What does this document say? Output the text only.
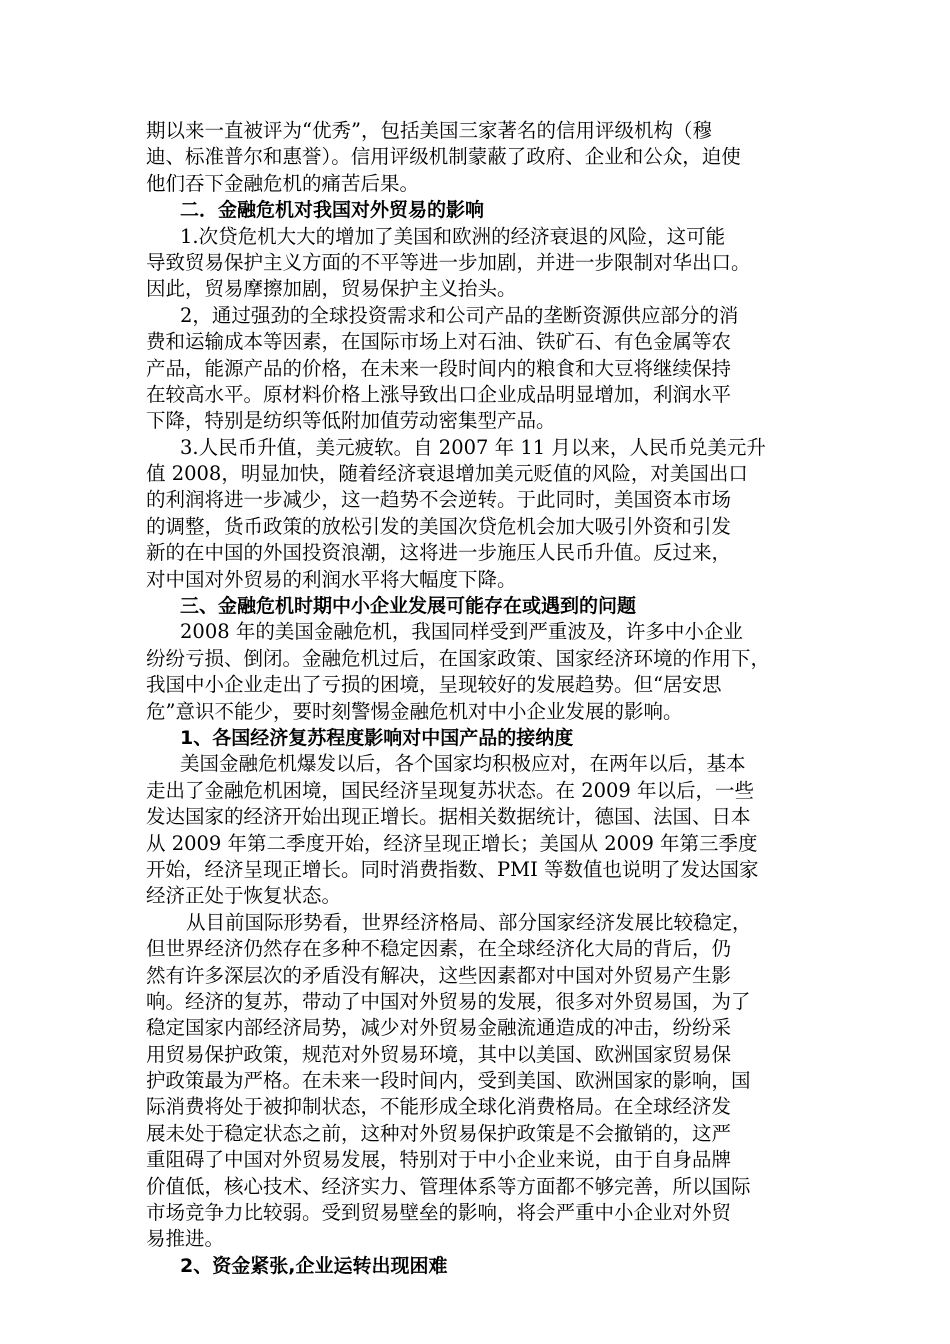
期以来一直被评为“优秀”，包括美国三家著名的信用评级机构（穆
迪、标准普尔和惠誉）。信用评级机制蒙蔽了政府、企业和公众，迫使
他们吞下金融危机的痛苦后果。
二．金融危机对我国对外贸易的影响
1.次贷危机大大的增加了美国和欧洲的经济衰退的风险，这可能
导致贸易保护主义方面的不平等进一步加剧，并进一步限制对华出口。
因此，贸易摩擦加剧，贸易保护主义抬头。
2，通过强劲的全球投资需求和公司产品的垄断资源供应部分的消
费和运输成本等因素，在国际市场上对石油、铁矿石、有色金属等农
产品，能源产品的价格，在未来一段时间内的粮食和大豆将继续保持
在较高水平。原材料价格上涨导致出口企业成品明显增加，利润水平
下降，特别是纺织等低附加值劳动密集型产品。
3.人民币升值，美元疲软。自 2007 年 11 月以来，人民币兑美元升
值 2008，明显加快，随着经济衰退增加美元贬值的风险，对美国出口
的利润将进一步减少，这一趋势不会逆转。于此同时，美国资本市场
的调整，货币政策的放松引发的美国次贷危机会加大吸引外资和引发
新的在中国的外国投资浪潮，这将进一步施压人民币升值。反过来，
对中国对外贸易的利润水平将大幅度下降。
三、金融危机时期中小企业发展可能存在或遇到的问题
2008 年的美国金融危机，我国同样受到严重波及，许多中小企业
纷纷亏损、倒闭。金融危机过后，在国家政策、国家经济环境的作用下，
我国中小企业走出了亏损的困境，呈现较好的发展趋势。但“居安思
危”意识不能少，要时刻警惕金融危机对中小企业发展的影响。
1、各国经济复苏程度影响对中国产品的接纳度
美国金融危机爆发以后，各个国家均积极应对，在两年以后，基本
走出了金融危机困境，国民经济呈现复苏状态。在 2009 年以后，一些
发达国家的经济开始出现正增长。据相关数据统计，德国、法国、日本
从 2009 年第二季度开始，经济呈现正增长；美国从 2009 年第三季度
开始，经济呈现正增长。同时消费指数、PMI 等数值也说明了发达国家
经济正处于恢复状态。
从目前国际形势看，世界经济格局、部分国家经济发展比较稳定，
但世界经济仍然存在多种不稳定因素，在全球经济化大局的背后，仍
然有许多深层次的矛盾没有解决，这些因素都对中国对外贸易产生影
响。经济的复苏，带动了中国对外贸易的发展，很多对外贸易国，为了
稳定国家内部经济局势，减少对外贸易金融流通造成的冲击，纷纷采
用贸易保护政策，规范对外贸易环境，其中以美国、欧洲国家贸易保
护政策最为严格。在未来一段时间内，受到美国、欧洲国家的影响，国
际消费将处于被抑制状态，不能形成全球化消费格局。在全球经济发
展未处于稳定状态之前，这种对外贸易保护政策是不会撤销的，这严
重阻碍了中国对外贸易发展，特别对于中小企业来说，由于自身品牌
价值低，核心技术、经济实力、管理体系等方面都不够完善，所以国际
市场竞争力比较弱。受到贸易壁垒的影响，将会严重中小企业对外贸
易推进。
2、资金紧张,企业运转出现困难
